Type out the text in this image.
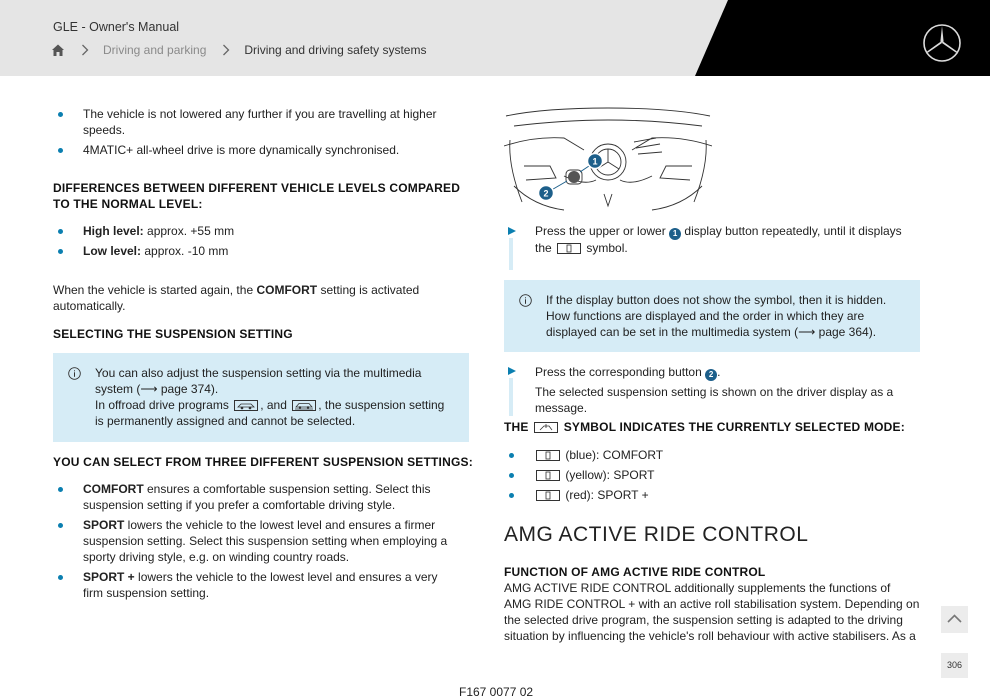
GLE - Owner's Manual
Driving and parking	Driving and driving safety systems
The vehicle is not lowered any further if you are travelling at higher speeds.
4MATIC+ all-wheel drive is more dynamically synchronised.
DIFFERENCES BETWEEN DIFFERENT VEHICLE LEVELS COMPARED TO THE NORMAL LEVEL:
High level: approx. +55 mm
Low level: approx. -10 mm
When the vehicle is started again, the COMFORT setting is activated automatically.
SELECTING THE SUSPENSION SETTING
You can also adjust the suspension setting via the multimedia system (⟶ page 374).
In offroad drive programs	, and	, the suspension setting is permanently assigned and cannot be selected.
YOU CAN SELECT FROM THREE DIFFERENT SUSPENSION SETTINGS:
COMFORT ensures a comfortable suspension setting. Select this suspension setting if you prefer a comfortable driving style.
SPORT lowers the vehicle to the lowest level and ensures a firmer suspension setting. Select this suspension setting when employing a sporty driving style, e.g. on winding country roads.
SPORT + lowers the vehicle to the lowest level and ensures a very firm suspension setting.
1
2
Press the upper or lower 1 display button repeatedly, until it displays the	symbol.
If the display button does not show the symbol, then it is hidden. How functions are displayed and the order in which they are displayed can be set in the multimedia system (⟶ page 364).
Press the corresponding button 2 .
The selected suspension setting is shown on the driver display as a message.
THE	SYMBOL INDICATES THE CURRENTLY SELECTED MODE:
(blue): COMFORT
(yellow): SPORT
(red): SPORT +
AMG ACTIVE RIDE CONTROL
FUNCTION OF AMG ACTIVE RIDE CONTROL
AMG ACTIVE RIDE CONTROL additionally supplements the functions of AMG RIDE CONTROL + with an active roll stabilisation system. Depending on the selected drive program, the suspension setting is adapted to the driving situation by influencing the vehicle's roll behaviour with active stabilisers. As a
306
F167 0077 02
